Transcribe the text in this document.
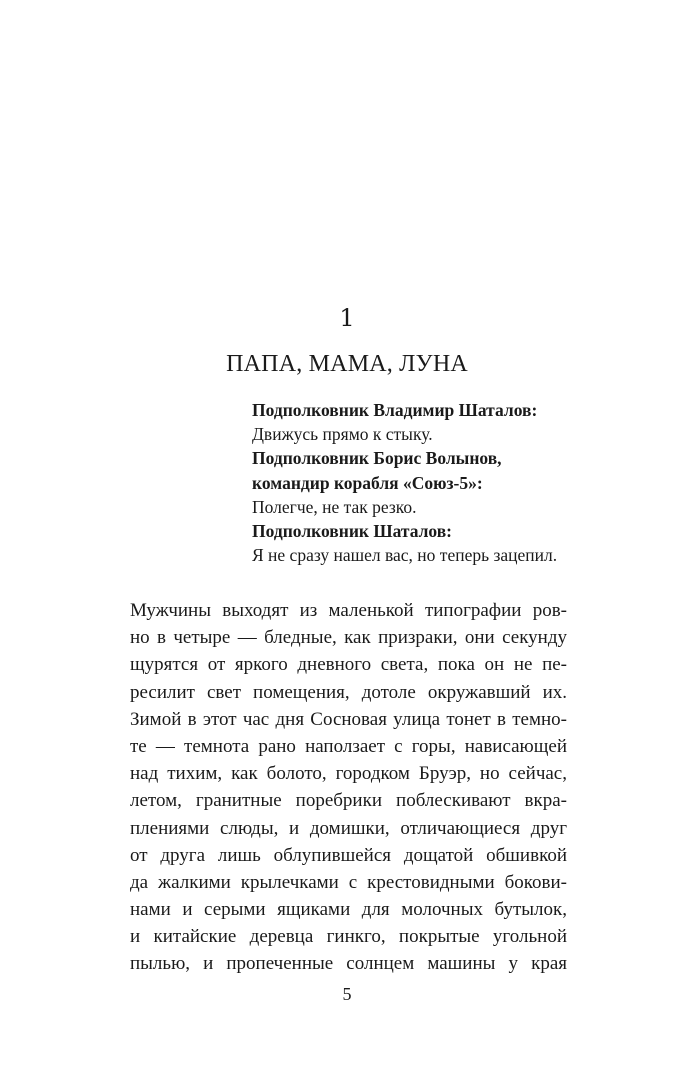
1
ПАПА, МАМА, ЛУНА
Подполковник Владимир Шаталов:
Движусь прямо к стыку.
Подполковник Борис Волынов,
командир корабля «Союз-5»:
Полегче, не так резко.
Подполковник Шаталов:
Я не сразу нашел вас, но теперь зацепил.
Мужчины выходят из маленькой типографии ров-
но в четыре — бледные, как призраки, они секунду
щурятся от яркого дневного света, пока он не пе-
ресилит свет помещения, дотоле окружавший их.
Зимой в этот час дня Сосновая улица тонет в темно-
те — темнота рано наползает с горы, нависающей
над тихим, как болото, городком Бруэр, но сейчас,
летом, гранитные поребрики поблескивают вкра-
плениями слюды, и домишки, отличающиеся друг
от друга лишь облупившейся дощатой обшивкой
да жалкими крылечками с крестовидными бокови-
нами и серыми ящиками для молочных бутылок,
и китайские деревца гинкго, покрытые угольной
пылью, и пропеченные солнцем машины у края
5
